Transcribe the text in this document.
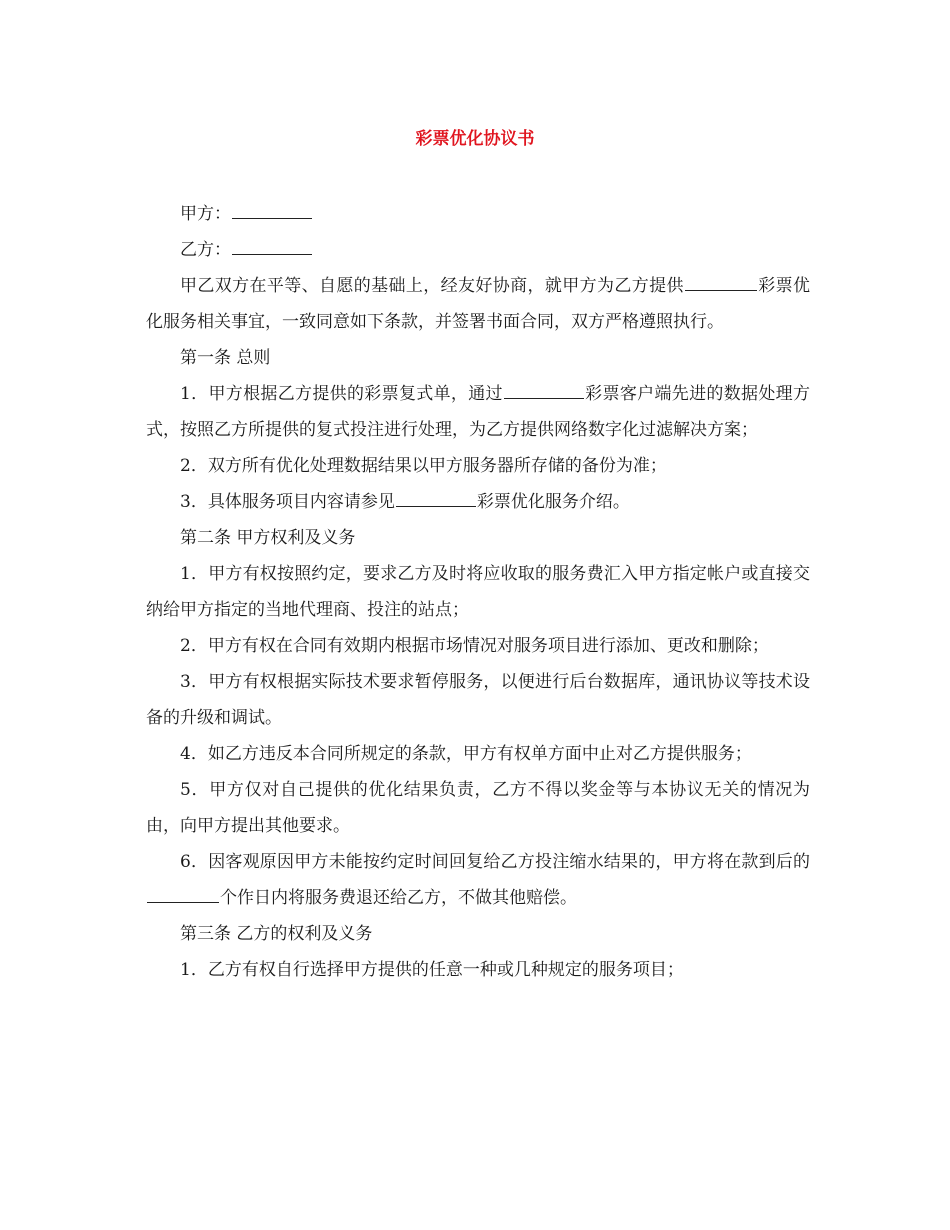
彩票优化协议书

甲方：

乙方：

甲乙双方在平等、自愿的基础上，经友好协商，就甲方为乙方提供	彩票优化服务相关事宜，一致同意如下条款，并签署书面合同，双方严格遵照执行。

第一条 总则

1．甲方根据乙方提供的彩票复式单，通过	彩票客户端先进的数据处理方式，按照乙方所提供的复式投注进行处理，为乙方提供网络数字化过滤解决方案；

2．双方所有优化处理数据结果以甲方服务器所存储的备份为准；

3．具体服务项目内容请参见	彩票优化服务介绍。

第二条 甲方权利及义务

1．甲方有权按照约定，要求乙方及时将应收取的服务费汇入甲方指定帐户或直接交纳给甲方指定的当地代理商、投注的站点；

2．甲方有权在合同有效期内根据市场情况对服务项目进行添加、更改和删除；

3．甲方有权根据实际技术要求暂停服务，以便进行后台数据库，通讯协议等技术设备的升级和调试。

4．如乙方违反本合同所规定的条款，甲方有权单方面中止对乙方提供服务；

5．甲方仅对自己提供的优化结果负责，乙方不得以奖金等与本协议无关的情况为由，向甲方提出其他要求。

6．因客观原因甲方未能按约定时间回复给乙方投注缩水结果的，甲方将在款到后的个作日内将服务费退还给乙方，不做其他赔偿。

第三条 乙方的权利及义务

1．乙方有权自行选择甲方提供的任意一种或几种规定的服务项目；
